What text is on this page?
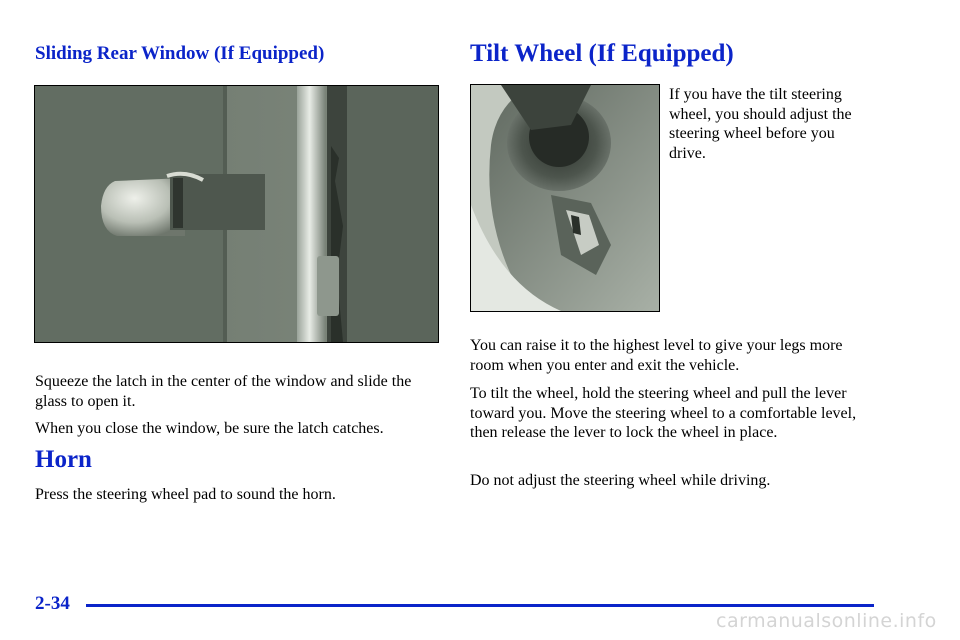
Sliding Rear Window (If Equipped)

Squeeze the latch in the center of the window and slide the glass to open it.

When you close the window, be sure the latch catches.

Horn

Press the steering wheel pad to sound the horn.

Tilt Wheel (If Equipped)

If you have the tilt steering wheel, you should adjust the steering wheel before you drive.

You can raise it to the highest level to give your legs more room when you enter and exit the vehicle.

To tilt the wheel, hold the steering wheel and pull the lever toward you. Move the steering wheel to a comfortable level, then release the lever to lock the wheel in place.

Do not adjust the steering wheel while driving.

2-34
carmanualsonline.info
